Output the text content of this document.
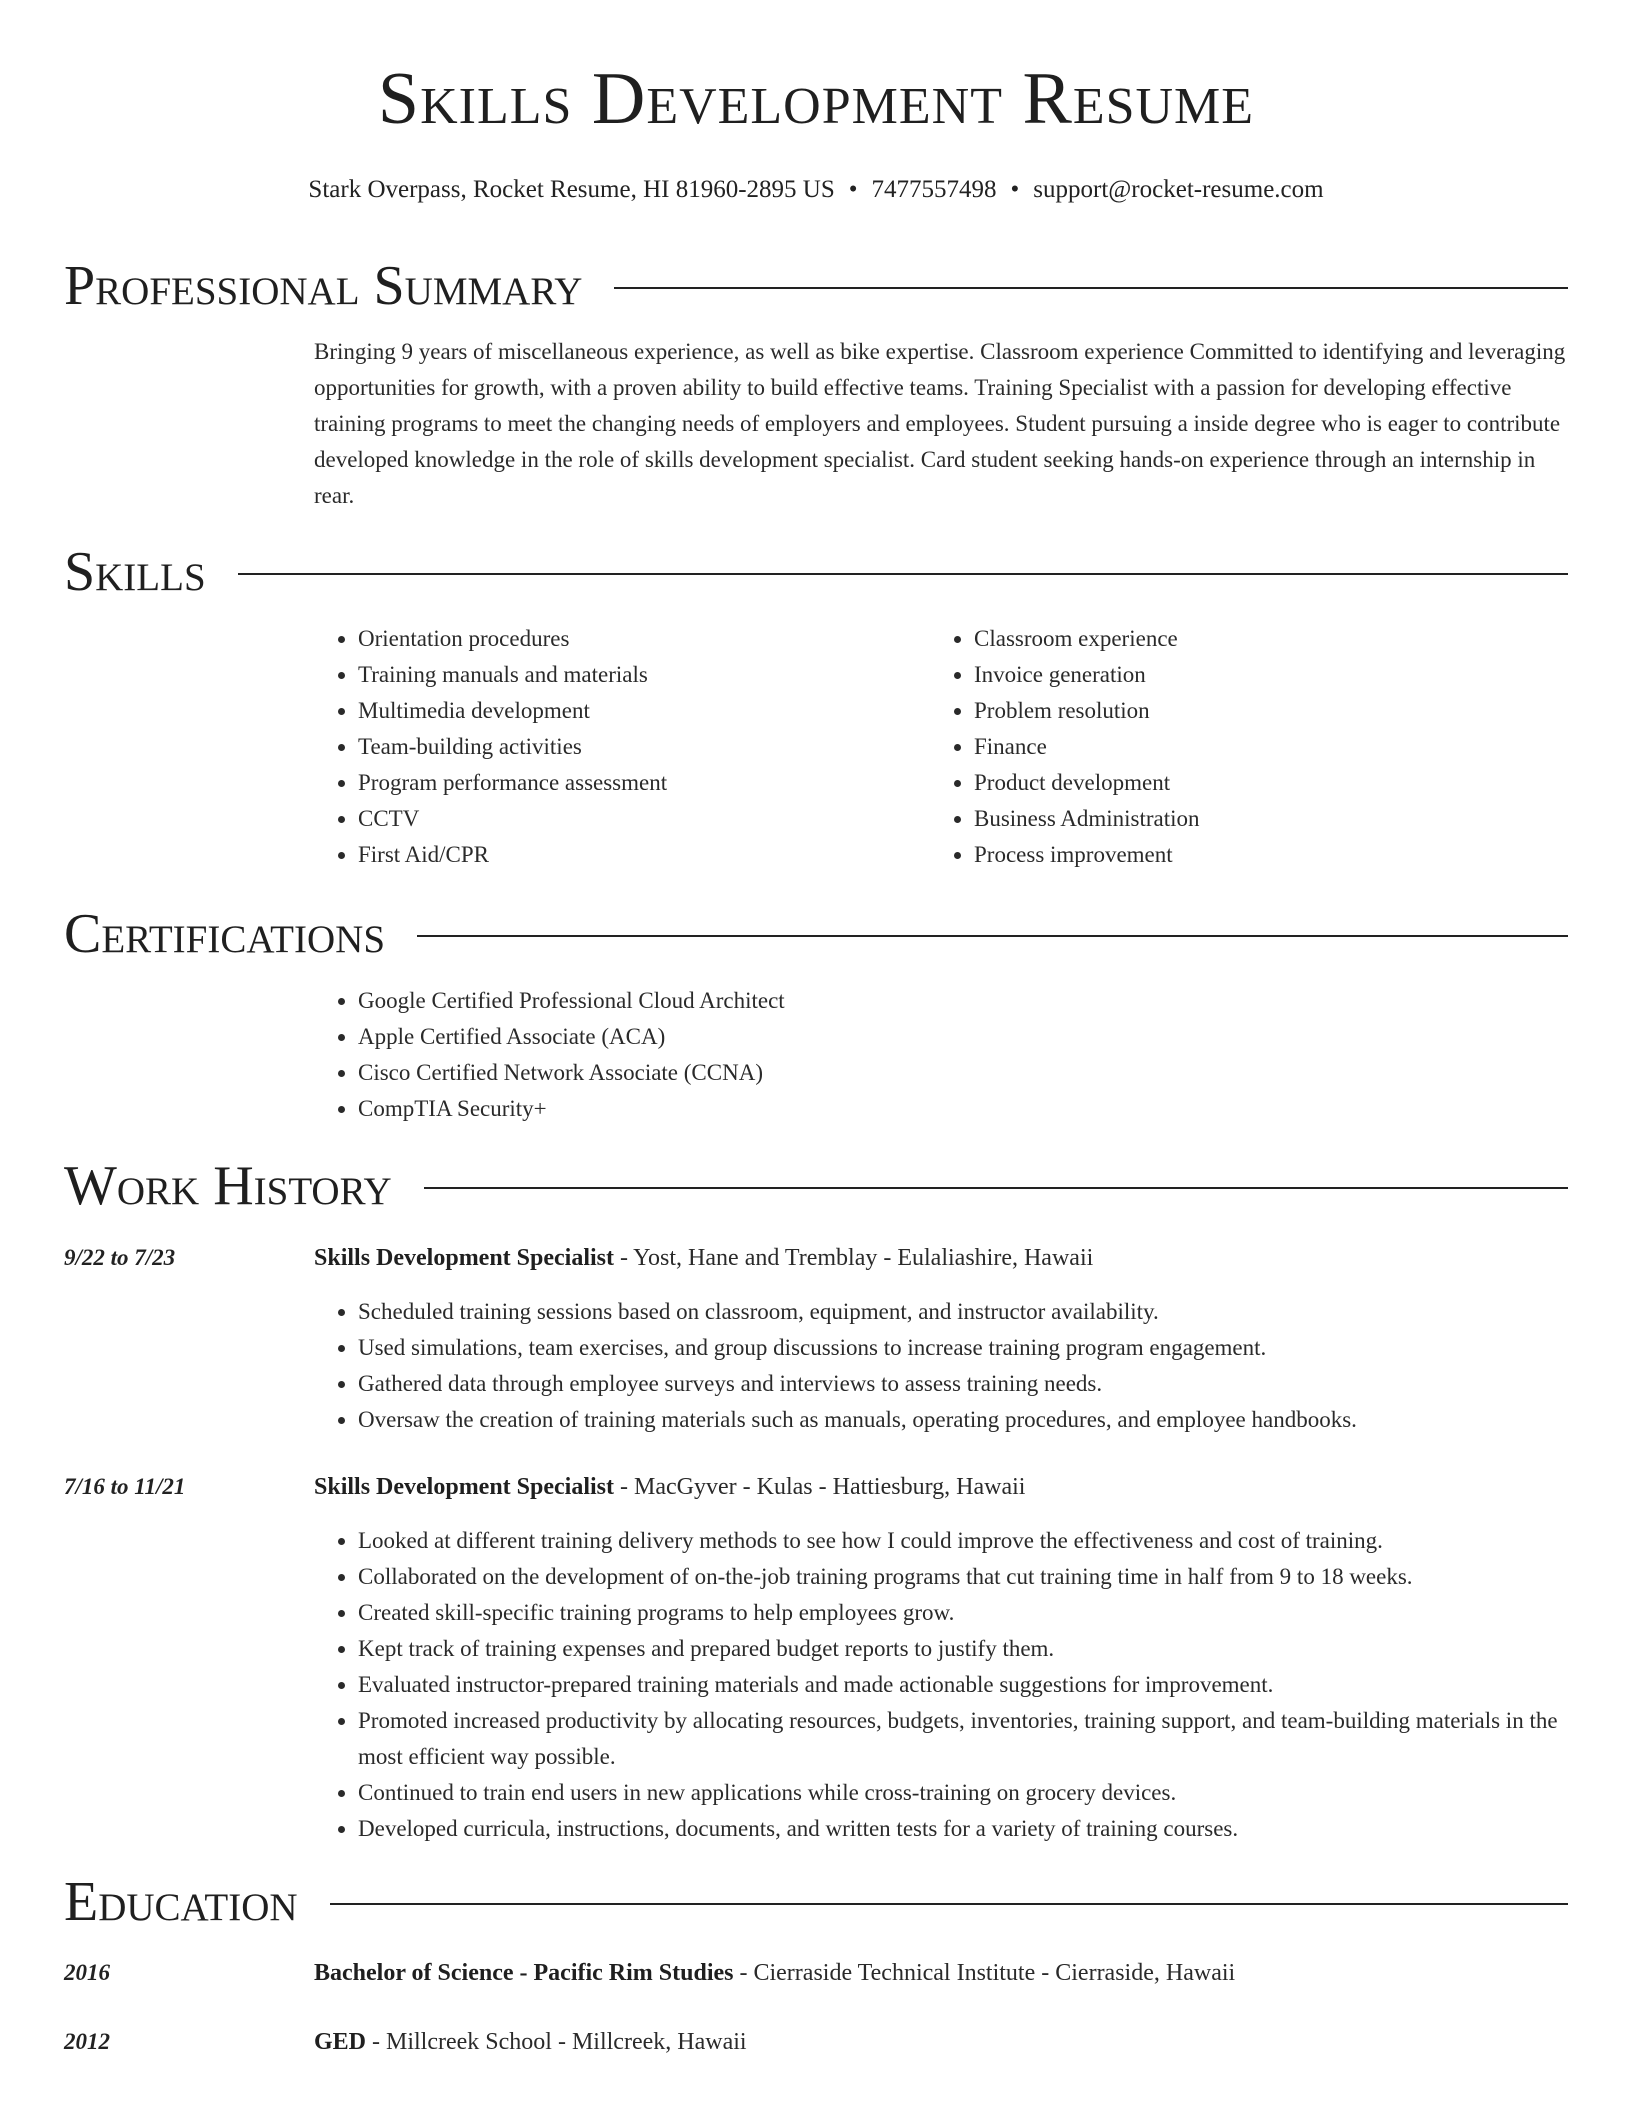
Skills Development Resume
Stark Overpass, Rocket Resume, HI 81960-2895 US • 7477557498 • support@rocket-resume.com
Professional Summary

Bringing 9 years of miscellaneous experience, as well as bike expertise. Classroom experience Committed to identifying and leveraging opportunities for growth, with a proven ability to build effective teams. Training Specialist with a passion for developing effective training programs to meet the changing needs of employers and employees. Student pursuing a inside degree who is eager to contribute developed knowledge in the role of skills development specialist. Card student seeking hands-on experience through an internship in rear.

Skills
• Orientation procedures
• Training manuals and materials
• Multimedia development
• Team-building activities
• Program performance assessment
• CCTV
• First Aid/CPR
• Classroom experience
• Invoice generation
• Problem resolution
• Finance
• Product development
• Business Administration
• Process improvement
Certifications
• Google Certified Professional Cloud Architect
• Apple Certified Associate (ACA)
• Cisco Certified Network Associate (CCNA)
• CompTIA Security+
Work History
9/22 to 7/23	Skills Development Specialist - Yost, Hane and Tremblay - Eulaliashire, Hawaii
• Scheduled training sessions based on classroom, equipment, and instructor availability.
• Used simulations, team exercises, and group discussions to increase training program engagement.
• Gathered data through employee surveys and interviews to assess training needs.
• Oversaw the creation of training materials such as manuals, operating procedures, and employee handbooks.
7/16 to 11/21	Skills Development Specialist - MacGyver - Kulas - Hattiesburg, Hawaii
• Looked at different training delivery methods to see how I could improve the effectiveness and cost of training.
• Collaborated on the development of on-the-job training programs that cut training time in half from 9 to 18 weeks.
• Created skill-specific training programs to help employees grow.
• Kept track of training expenses and prepared budget reports to justify them.
• Evaluated instructor-prepared training materials and made actionable suggestions for improvement.
• Promoted increased productivity by allocating resources, budgets, inventories, training support, and team-building materials in the most efficient way possible.
• Continued to train end users in new applications while cross-training on grocery devices.
• Developed curricula, instructions, documents, and written tests for a variety of training courses.
Education
2016	Bachelor of Science - Pacific Rim Studies - Cierraside Technical Institute - Cierraside, Hawaii
2012	GED - Millcreek School - Millcreek, Hawaii
